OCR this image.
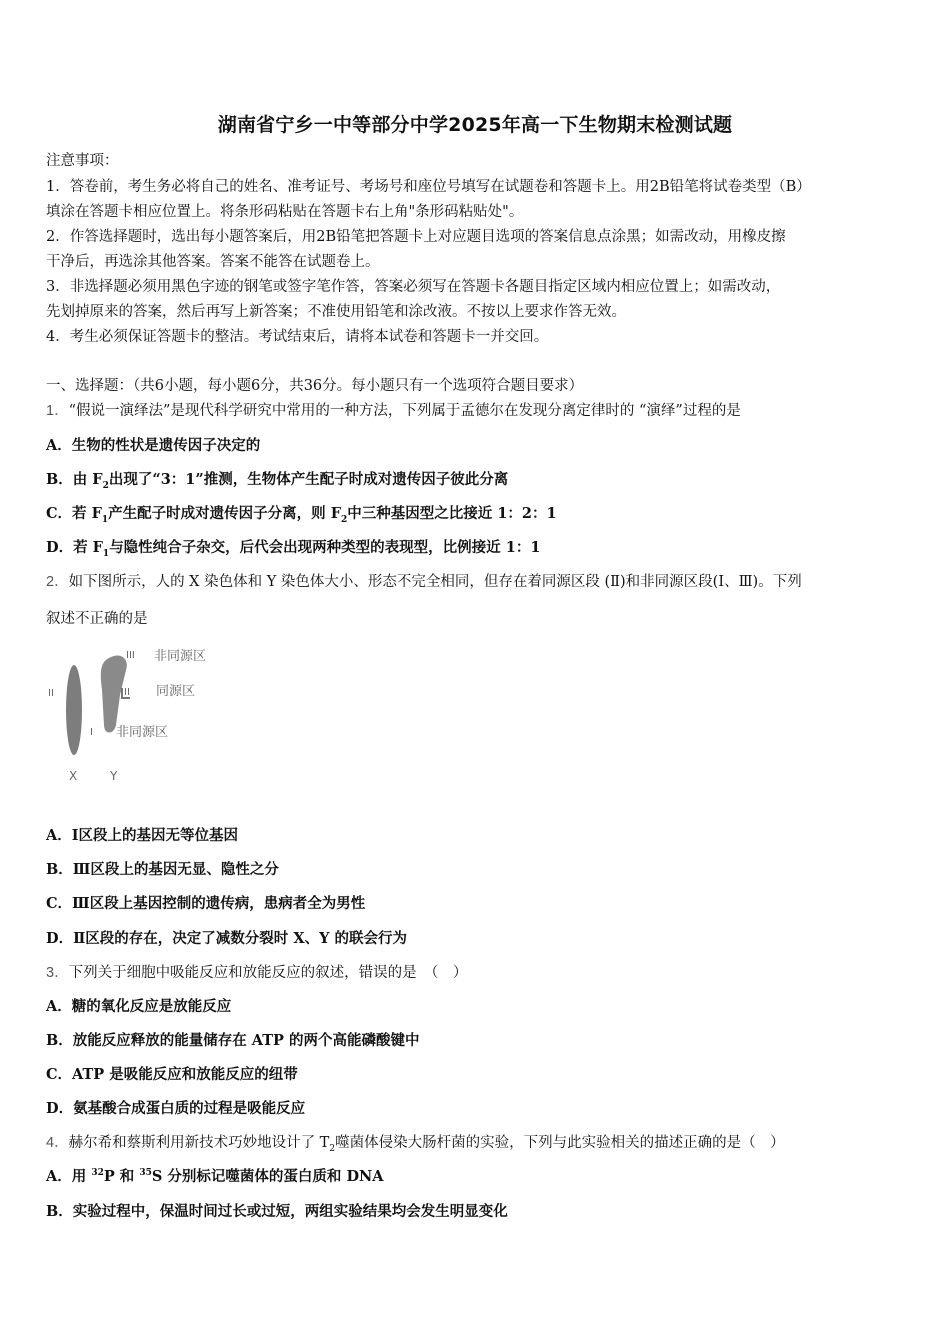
湖南省宁乡一中等部分中学2025年高一下生物期末检测试题
注意事项：
1．答卷前，考生务必将自己的姓名、准考证号、考场号和座位号填写在试题卷和答题卡上。用2B铅笔将试卷类型（B）
填涂在答题卡相应位置上。将条形码粘贴在答题卡右上角"条形码粘贴处"。
2．作答选择题时，选出每小题答案后，用2B铅笔把答题卡上对应题目选项的答案信息点涂黑；如需改动，用橡皮擦
干净后，再选涂其他答案。答案不能答在试题卷上。
3．非选择题必须用黑色字迹的钢笔或签字笔作答，答案必须写在答题卡各题目指定区域内相应位置上；如需改动，
先划掉原来的答案，然后再写上新答案；不准使用铅笔和涂改液。不按以上要求作答无效。
4．考生必须保证答题卡的整洁。考试结束后，请将本试卷和答题卡一并交回。
一、选择题：（共6小题，每小题6分，共36分。每小题只有一个选项符合题目要求）
1．“假说一演绎法”是现代科学研究中常用的一种方法，下列属于孟德尔在发现分离定律时的 “演绎”过程的是
A．生物的性状是遗传因子决定的
B．由 $F_2$出现了“3：1”推测，生物体产生配子时成对遗传因子彼此分离
C．若 $F_1$产生配子时成对遗传因子分离，则 $F_2$中三种基因型之比接近 1：2：1
D．若 $F_1$与隐性纯合子杂交，后代会出现两种类型的表现型，比例接近 1：1
2．如下图所示，人的 X 染色体和 Y 染色体大小、形态不完全相同，但存在着同源区段 (Ⅱ)和非同源区段(Ⅰ、Ⅲ)。下列
叙述不正确的是
III 非同源区
II	II 同源区
I 非同源区
X	Y
A．Ⅰ区段上的基因无等位基因
B．Ⅲ区段上的基因无显、隐性之分
C．Ⅲ区段上基因控制的遗传病，患病者全为男性
D．Ⅱ区段的存在，决定了减数分裂时 X、Y 的联会行为
3．下列关于细胞中吸能反应和放能反应的叙述，错误的是　（　）
A．糖的氧化反应是放能反应
B．放能反应释放的能量储存在 ATP 的两个高能磷酸键中
C．ATP 是吸能反应和放能反应的纽带
D．氨基酸合成蛋白质的过程是吸能反应
4．赫尔希和蔡斯利用新技术巧妙地设计了 $T_2$噬菌体侵染大肠杆菌的实验，下列与此实验相关的描述正确的是（　）
A．用 $^{32}$P 和 $^{35}$S 分别标记噬菌体的蛋白质和 DNA
B．实验过程中，保温时间过长或过短，两组实验结果均会发生明显变化
